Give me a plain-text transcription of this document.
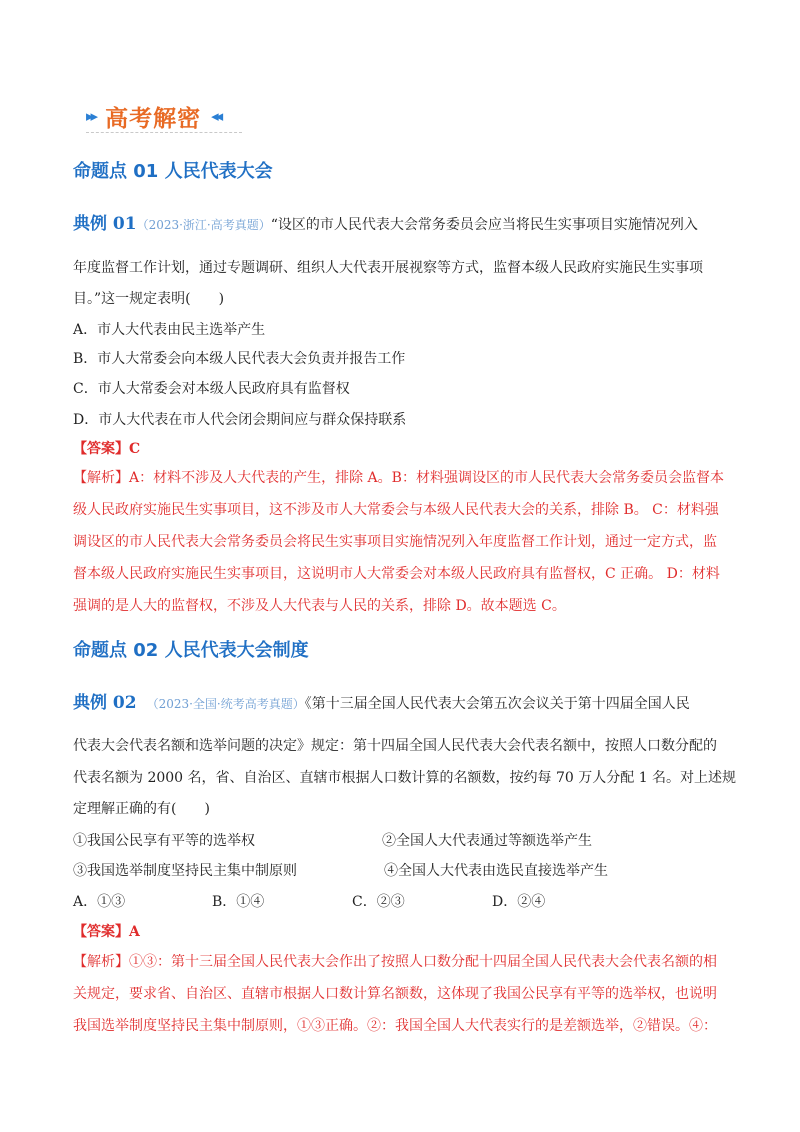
▸▸ 高考解密 ◂◂
命题点 01 人民代表大会
典例 01（2023·浙江·高考真题）“设区的市人民代表大会常务委员会应当将民生实事项目实施情况列入
年度监督工作计划，通过专题调研、组织人大代表开展视察等方式，监督本级人民政府实施民生实事项
目。”这一规定表明(　　)
A．市人大代表由民主选举产生
B．市人大常委会向本级人民代表大会负责并报告工作
C．市人大常委会对本级人民政府具有监督权
D．市人大代表在市人代会闭会期间应与群众保持联系
【答案】C
【解析】A：材料不涉及人大代表的产生，排除 A。B：材料强调设区的市人民代表大会常务委员会监督本
级人民政府实施民生实事项目，这不涉及市人大常委会与本级人民代表大会的关系，排除 B。 C：材料强
调设区的市人民代表大会常务委员会将民生实事项目实施情况列入年度监督工作计划，通过一定方式，监
督本级人民政府实施民生实事项目，这说明市人大常委会对本级人民政府具有监督权，C 正确。 D：材料
强调的是人大的监督权，不涉及人大代表与人民的关系，排除 D。故本题选 C。
命题点 02 人民代表大会制度
典例 02 （2023·全国·统考高考真题）《第十三届全国人民代表大会第五次会议关于第十四届全国人民
代表大会代表名额和选举问题的决定》规定：第十四届全国人民代表大会代表名额中，按照人口数分配的
代表名额为 2000 名，省、自治区、直辖市根据人口数计算的名额数，按约每 70 万人分配 1 名。对上述规
定理解正确的有(　　)
①我国公民享有平等的选举权	②全国人大代表通过等额选举产生
③我国选举制度坚持民主集中制原则	④全国人大代表由选民直接选举产生
A．①③	B．①④	C．②③	D．②④
【答案】A
【解析】①③：第十三届全国人民代表大会作出了按照人口数分配十四届全国人民代表大会代表名额的相
关规定，要求省、自治区、直辖市根据人口数计算名额数，这体现了我国公民享有平等的选举权，也说明
我国选举制度坚持民主集中制原则，①③正确。②：我国全国人大代表实行的是差额选举，②错误。④：
